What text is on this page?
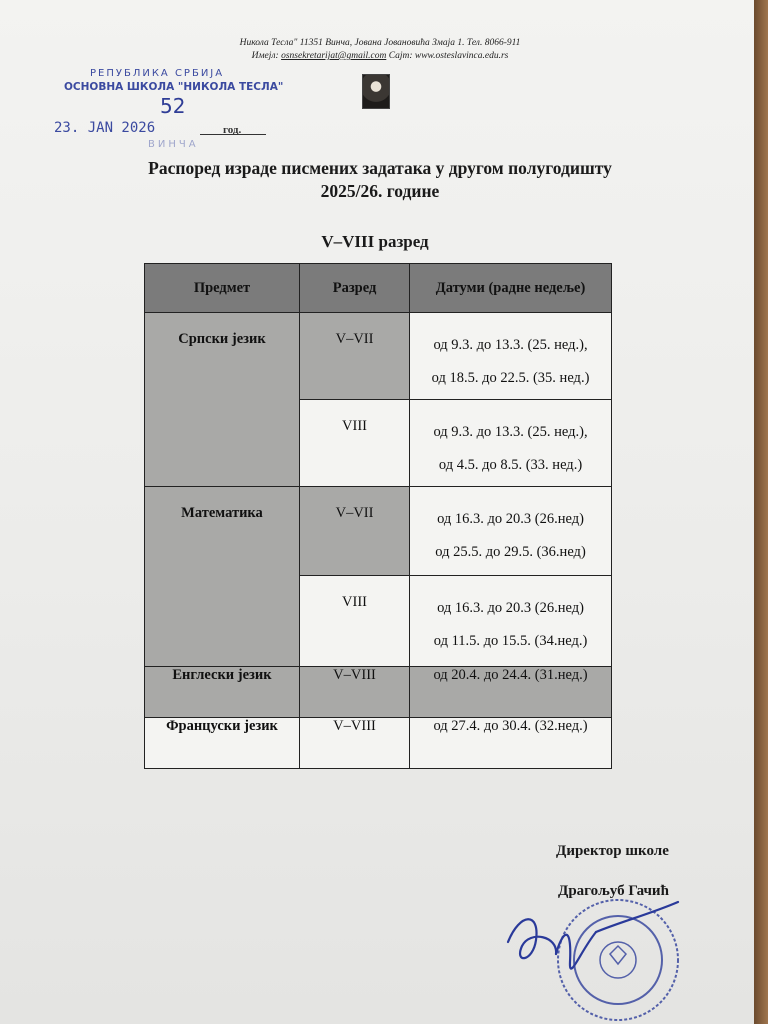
Никола Тесла" 11351 Винча, Јована Јовановића Змаја 1. Тел. 8066-911
Имејл: osnsekretarijat@gmail.com Сајт: www.osteslavinca.edu.rs
РЕПУБЛИКА СРБИЈА
ОСНОВНА ШКОЛА "НИКОЛА ТЕСЛА"
52
23. JAN 2026	год.
ВИНЧА
Распоред израде писмених задатака у другом полугодишту
2025/26. године
V–VIII разред
Предмет	Разред	Датуми (радне недеље)
Српски језик	V–VII	од 9.3. до 13.3. (25. нед.),
од 18.5. до 22.5. (35. нед.)

	VIII	од 9.3. до 13.3. (25. нед.),
од 4.5. до 8.5. (33. нед.)

Математика	V–VII	од 16.3. до 20.3 (26.нед)
од 25.5. до 29.5. (36.нед)

	VIII	од 16.3. до 20.3 (26.нед)
од 11.5. до 15.5. (34.нед.)

Енглески језик	V–VIII	од 20.4. до 24.4. (31.нед.)
Француски језик	V–VIII	од 27.4. до 30.4. (32.нед.)
Директор школе
Драгољуб Гачић
